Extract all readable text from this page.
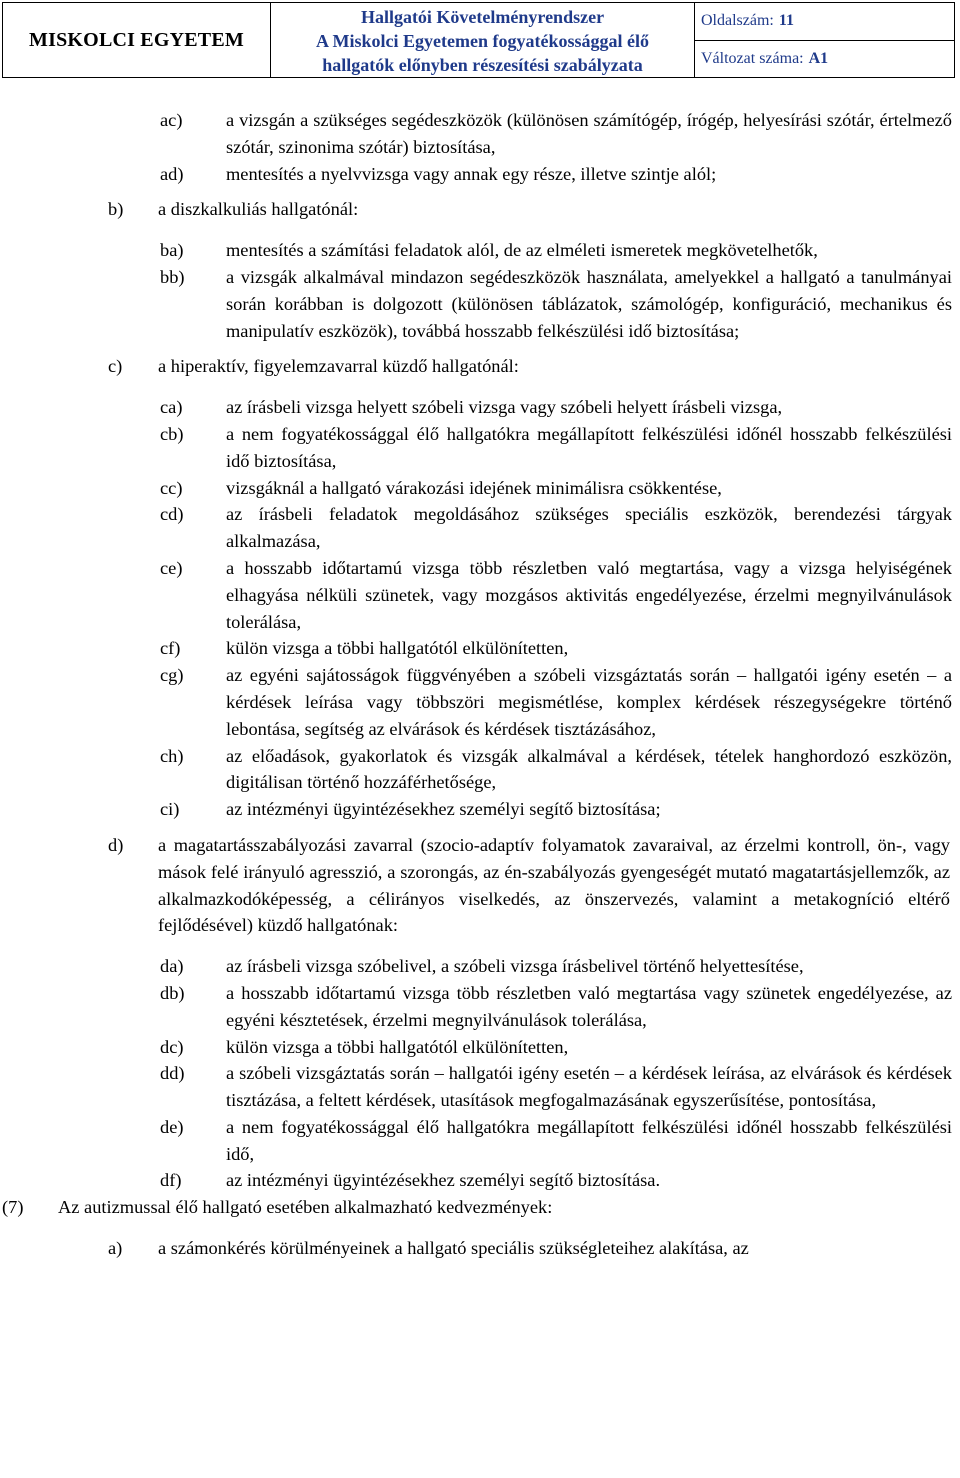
MISKOLCI EGYETEM
Hallgatói Követelményrendszer
A Miskolci Egyetemen fogyatékossággal élő
hallgatók előnyben részesítési szabályzata
Oldalszám: 11
Változat száma: A1
ac)	a vizsgán a szükséges segédeszközök (különösen számítógép, írógép, helyesírási szótár, értelmező szótár, szinonima szótár) biztosítása,
ad)	mentesítés a nyelvvizsga vagy annak egy része, illetve szintje alól;
b)	a diszkalkuliás hallgatónál:
ba)	mentesítés a számítási feladatok alól, de az elméleti ismeretek megkövetelhetők,
bb)	a vizsgák alkalmával mindazon segédeszközök használata, amelyekkel a hallgató a tanulmányai során korábban is dolgozott (különösen táblázatok, számológép, konfiguráció, mechanikus és manipulatív eszközök), továbbá hosszabb felkészülési idő biztosítása;
c)	a hiperaktív, figyelemzavarral küzdő hallgatónál:
ca)	az írásbeli vizsga helyett szóbeli vizsga vagy szóbeli helyett írásbeli vizsga,
cb)	a nem fogyatékossággal élő hallgatókra megállapított felkészülési időnél hosszabb felkészülési idő biztosítása,
cc)	vizsgáknál a hallgató várakozási idejének minimálisra csökkentése,
cd)	az írásbeli feladatok megoldásához szükséges speciális eszközök, berendezési tárgyak alkalmazása,
ce)	a hosszabb időtartamú vizsga több részletben való megtartása, vagy a vizsga helyiségének elhagyása nélküli szünetek, vagy mozgásos aktivitás engedélyezése, érzelmi megnyilvánulások tolerálása,
cf)	külön vizsga a többi hallgatótól elkülönítetten,
cg)	az egyéni sajátosságok függvényében a szóbeli vizsgáztatás során – hallgatói igény esetén – a kérdések leírása vagy többszöri megismétlése, komplex kérdések részegységekre történő lebontása, segítség az elvárások és kérdések tisztázásához,
ch)	az előadások, gyakorlatok és vizsgák alkalmával a kérdések, tételek hanghordozó eszközön, digitálisan történő hozzáférhetősége,
ci)	az intézményi ügyintézésekhez személyi segítő biztosítása;
d)	a magatartásszabályozási zavarral (szocio-adaptív folyamatok zavaraival, az érzelmi kontroll, ön-, vagy mások felé irányuló agresszió, a szorongás, az én-szabályozás gyengeségét mutató magatartásjellemzők, az alkalmazkodóképesség, a célirányos viselkedés, az önszervezés, valamint a metakogníció eltérő fejlődésével) küzdő hallgatónak:
da)	az írásbeli vizsga szóbelivel, a szóbeli vizsga írásbelivel történő helyettesítése,
db)	a hosszabb időtartamú vizsga több részletben való megtartása vagy szünetek engedélyezése, az egyéni késztetések, érzelmi megnyilvánulások tolerálása,
dc)	külön vizsga a többi hallgatótól elkülönítetten,
dd)	a szóbeli vizsgáztatás során – hallgatói igény esetén – a kérdések leírása, az elvárások és kérdések tisztázása, a feltett kérdések, utasítások megfogalmazásának egyszerűsítése, pontosítása,
de)	a nem fogyatékossággal élő hallgatókra megállapított felkészülési időnél hosszabb felkészülési idő,
df)	az intézményi ügyintézésekhez személyi segítő biztosítása.
(7)	Az autizmussal élő hallgató esetében alkalmazható kedvezmények:
a)	a számonkérés körülményeinek a hallgató speciális szükségleteihez alakítása, az
